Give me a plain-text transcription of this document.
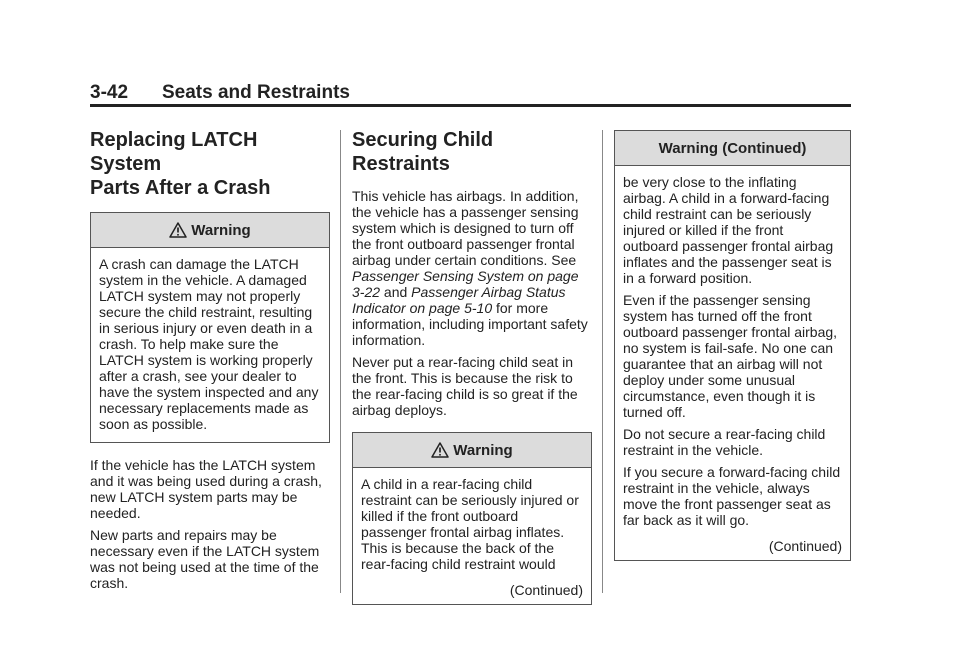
3-42 Seats and Restraints
Replacing LATCH System
Parts After a Crash
Warning

A crash can damage the LATCH system in the vehicle. A damaged LATCH system may not properly secure the child restraint, resulting in serious injury or even death in a crash. To help make sure the LATCH system is working properly after a crash, see your dealer to have the system inspected and any necessary replacements made as soon as possible.

If the vehicle has the LATCH system and it was being used during a crash, new LATCH system parts may be needed.

New parts and repairs may be necessary even if the LATCH system was not being used at the time of the crash.

Securing Child Restraints

This vehicle has airbags. In addition, the vehicle has a passenger sensing system which is designed to turn off the front outboard passenger frontal airbag under certain conditions. See Passenger Sensing System on page 3-22 and Passenger Airbag Status Indicator on page 5-10 for more information, including important safety information.

Never put a rear-facing child seat in the front. This is because the risk to the rear-facing child is so great if the airbag deploys.

Warning

A child in a rear-facing child restraint can be seriously injured or killed if the front outboard passenger frontal airbag inflates. This is because the back of the rear-facing child restraint would

(Continued)
Warning (Continued)

be very close to the inflating airbag. A child in a forward-facing child restraint can be seriously injured or killed if the front outboard passenger frontal airbag inflates and the passenger seat is in a forward position.

Even if the passenger sensing system has turned off the front outboard passenger frontal airbag, no system is fail-safe. No one can guarantee that an airbag will not deploy under some unusual circumstance, even though it is turned off.

Do not secure a rear-facing child restraint in the vehicle.

If you secure a forward-facing child restraint in the vehicle, always move the front passenger seat as far back as it will go.

(Continued)
